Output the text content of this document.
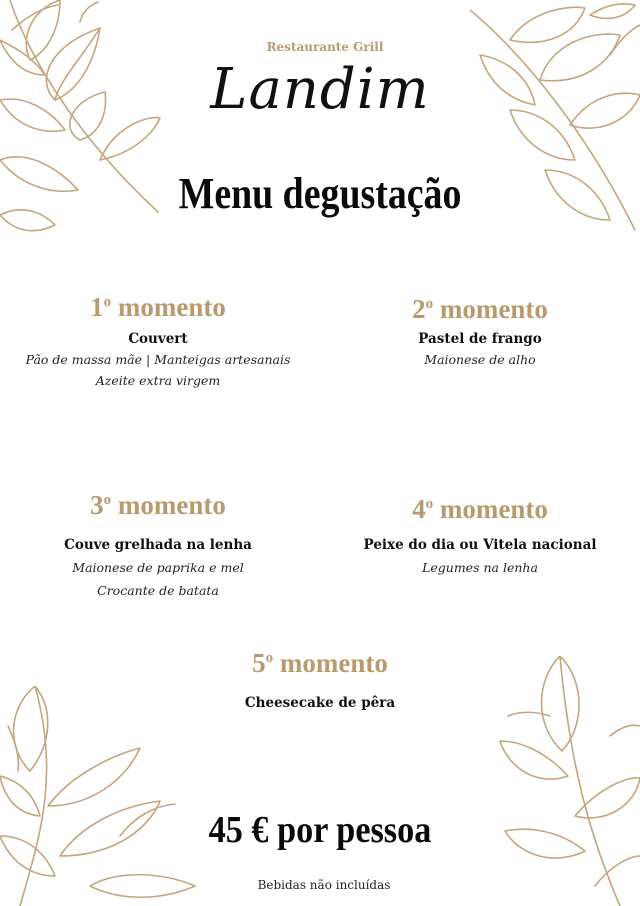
Restaurante Grill
Landim
Menu degustação
1$^o$ momento
Couvert
Pão de massa mãe | Manteigas artesanais
Azeite extra virgem
2$^o$ momento
Pastel de frango
Maionese de alho
3$^o$ momento
Couve grelhada na lenha
Maionese de paprika e mel
Crocante de batata
4$^o$ momento
Peixe do dia ou Vitela nacional
Legumes na lenha
5$^o$ momento
Cheesecake de pêra
45 € por pessoa
Bebidas não incluídas
